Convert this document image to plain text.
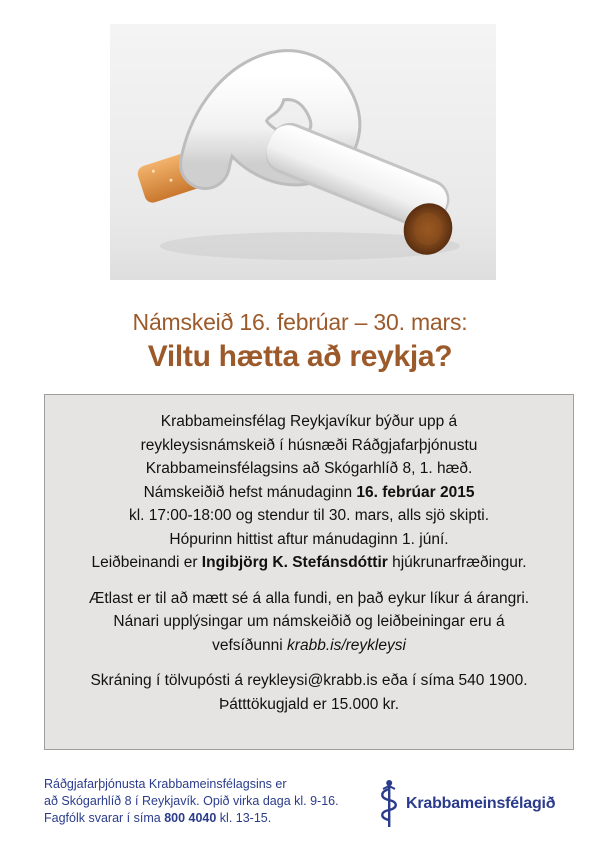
Námskeið 16. febrúar – 30. mars:
Viltu hætta að reykja?

Krabbameinsfélag Reykjavíkur býður upp á

reykleysisnámskeið í húsnæði Ráðgjafarþjónustu

Krabbameinsfélagsins að Skógarhlíð 8, 1. hæð.

Námskeiðið hefst mánudaginn 16. febrúar 2015

kl. 17:00-18:00 og stendur til 30. mars, alls sjö skipti.

Hópurinn hittist aftur mánudaginn 1. júní.

Leiðbeinandi er Ingibjörg K. Stefánsdóttir hjúkrunarfræðingur.

Ætlast er til að mætt sé á alla fundi, en það eykur líkur á árangri.

Nánari upplýsingar um námskeiðið og leiðbeiningar eru á

vefsíðunni krabb.is/reykleysi

Skráning í tölvupósti á reykleysi@krabb.is eða í síma 540 1900.

Þátttökugjald er 15.000 kr.

Ráðgjafarþjónusta Krabbameinsfélagsins er

að Skógarhlíð 8 í Reykjavík. Opið virka daga kl. 9-16.

Fagfólk svarar í síma 800 4040 kl. 13-15.

Krabbameinsfélagið
